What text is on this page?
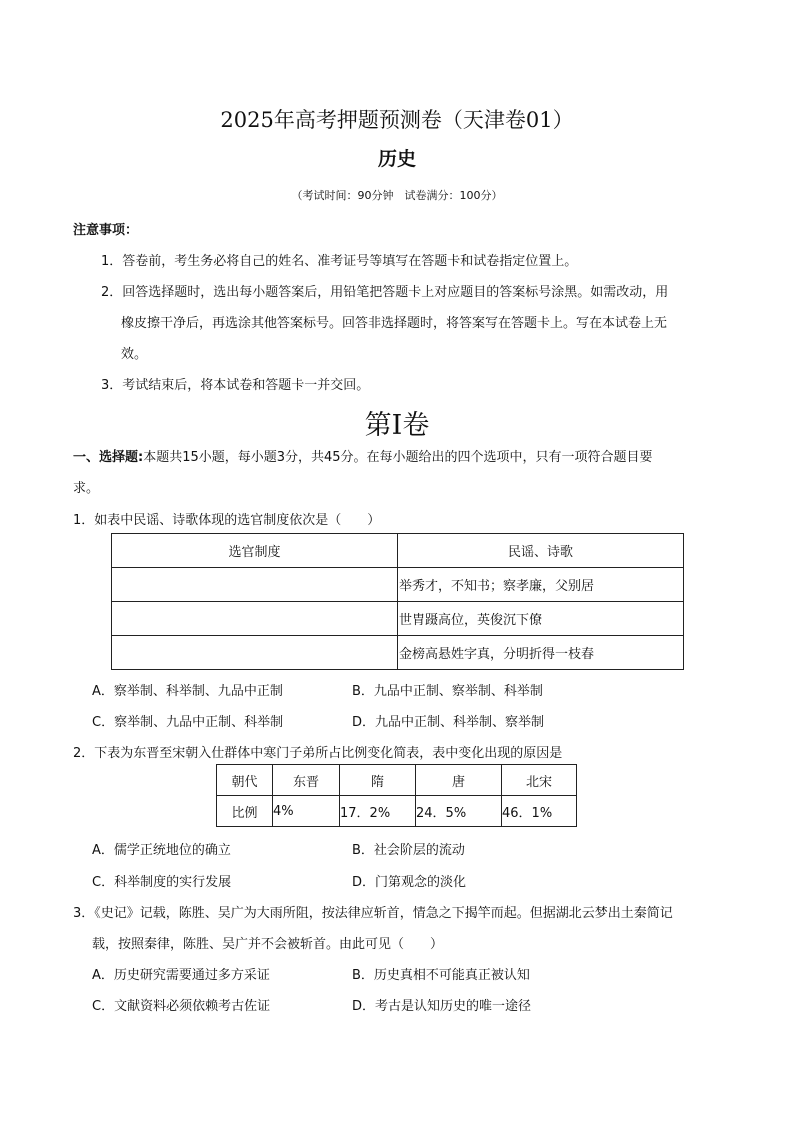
2025年高考押题预测卷（天津卷01）
历史
（考试时间：90分钟　试卷满分：100分）
注意事项：
1．答卷前，考生务必将自己的姓名、准考证号等填写在答题卡和试卷指定位置上。
2．回答选择题时，选出每小题答案后，用铅笔把答题卡上对应题目的答案标号涂黑。如需改动，用
橡皮擦干净后，再选涂其他答案标号。回答非选择题时，将答案写在答题卡上。写在本试卷上无
效。
3．考试结束后，将本试卷和答题卡一并交回。
第Ⅰ卷
一、选择题:本题共15小题，每小题3分，共45分。在每小题给出的四个选项中，只有一项符合题目要
求。
1．如表中民谣、诗歌体现的选官制度依次是（　　）
选官制度	民谣、诗歌
	举秀才，不知书；察孝廉，父别居
	世胄蹑高位，英俊沉下僚
	金榜高悬姓字真，分明折得一枝春
A．察举制、科举制、九品中正制	B．九品中正制、察举制、科举制
C．察举制、九品中正制、科举制	D．九品中正制、科举制、察举制
2．下表为东晋至宋朝入仕群体中寒门子弟所占比例变化简表，表中变化出现的原因是
朝代	东晋	隋	唐	北宋
比例	4%	17．2%	24．5%	46．1%
A．儒学正统地位的确立	B．社会阶层的流动
C．科举制度的实行发展	D．门第观念的淡化
3．《史记》记载，陈胜、吴广为大雨所阻，按法律应斩首，情急之下揭竿而起。但据湖北云梦出土秦简记
载，按照秦律，陈胜、吴广并不会被斩首。由此可见（　　）
A．历史研究需要通过多方采证	B．历史真相不可能真正被认知
C．文献资料必须依赖考古佐证	D．考古是认知历史的唯一途径
